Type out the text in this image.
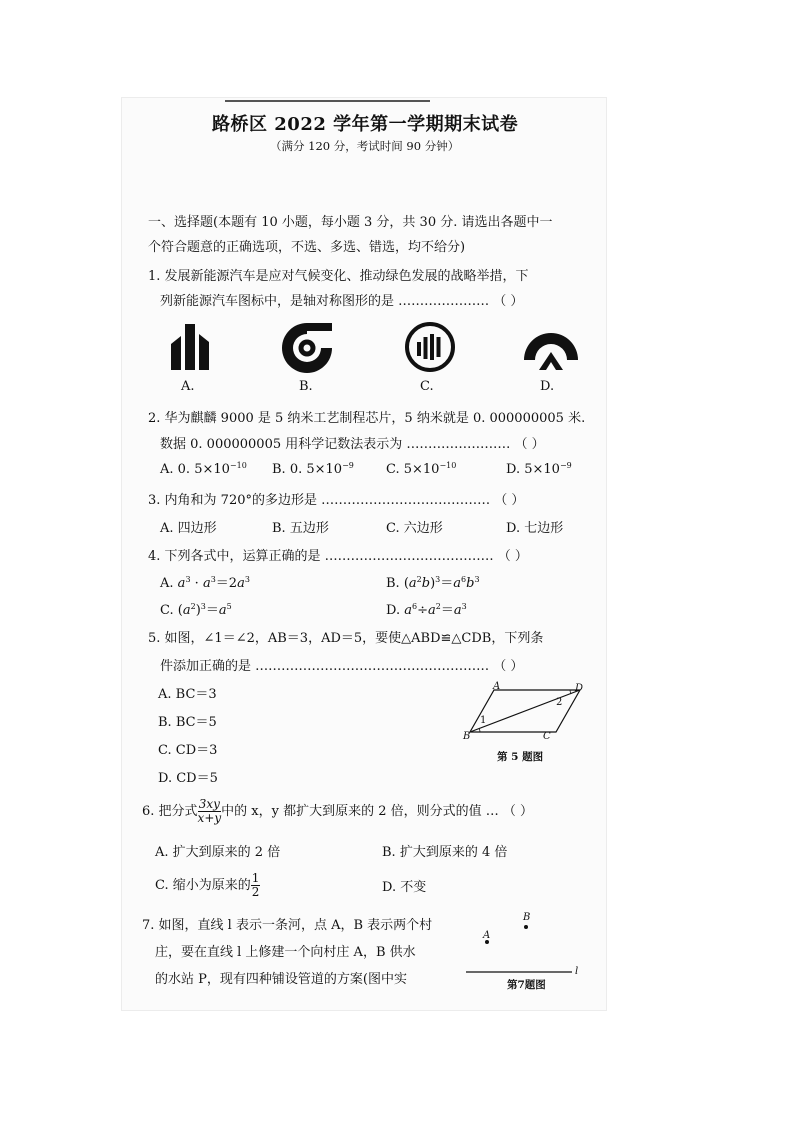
路桥区 2022 学年第一学期期末试卷
（满分 120 分，考试时间 90 分钟）
一、选择题(本题有 10 小题，每小题 3 分，共 30 分. 请选出各题中一
个符合题意的正确选项，不选、多选、错选，均不给分)
1. 发展新能源汽车是应对气候变化、推动绿色发展的战略举措，下
列新能源汽车图标中，是轴对称图形的是 ………………… （ ）
A.	B.	C.	D.
2. 华为麒麟 9000 是 5 纳米工艺制程芯片，5 纳米就是 0. 000000005 米.
数据 0. 000000005 用科学记数法表示为 …………………… （ ）
A. 0. $5\times 10^{-10}$ B. 0. $5\times 10^{-9}$ C. $5\times 10^{-10}$	D. $5\times 10^{-9}$
3. 内角和为 720°的多边形是 ………………………………… （ ）
A. 四边形	B. 五边形	C. 六边形	D. 七边形
4. 下列各式中，运算正确的是 ………………………………… （ ）
A. $a^3 \cdot a^3=2a^3$	B. $(a^2b)^3=a^6b^3$
C. $(a^2)^3=a^5$	D. $a^6\div a^2=a^3$
5. 如图，∠1＝∠2，AB＝3，AD＝5，要使△ABD≌△CDB，下列条
件添加正确的是 ……………………………………………… （ ）
A. BC＝3
B. BC＝5
C. CD＝3
D. CD＝5
A	D
B	C
1
2
第 5 题图
6. 把分式 $\frac{3xy}{x+y}$ 中的 x，y 都扩大到原来的 2 倍，则分式的值 … （ ）
A. 扩大到原来的 2 倍	B. 扩大到原来的 4 倍
C. 缩小为原来的 $\frac{1}{2}$	D. 不变
7. 如图，直线 l 表示一条河，点 A，B 表示两个村
庄，要在直线 l 上修建一个向村庄 A，B 供水
的水站 P，现有四种铺设管道的方案(图中实
A
B
l
第7题图
